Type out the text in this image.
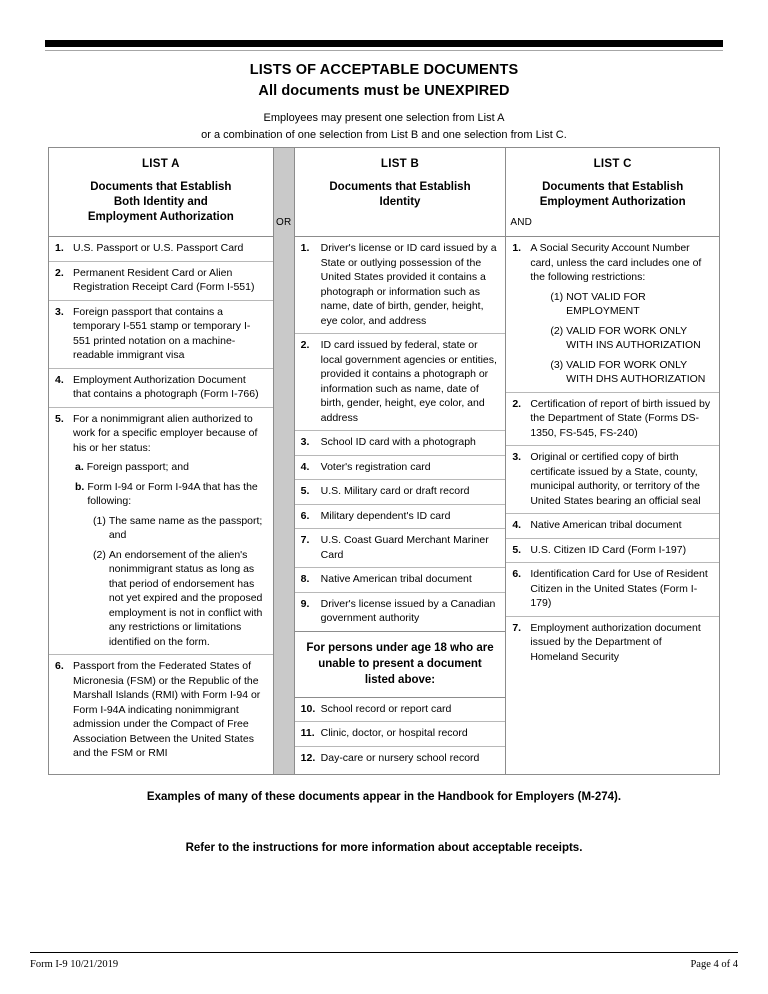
LISTS OF ACCEPTABLE DOCUMENTS
All documents must be UNEXPIRED
Employees may present one selection from List A
or a combination of one selection from List B and one selection from List C.
LIST A
Documents that Establish
Both Identity and
Employment Authorization
1. U.S. Passport or U.S. Passport Card
2. Permanent Resident Card or Alien Registration Receipt Card (Form I-551)
3. Foreign passport that contains a temporary I-551 stamp or temporary I-551 printed notation on a machine-readable immigrant visa
4. Employment Authorization Document that contains a photograph (Form I-766)
5. For a nonimmigrant alien authorized to work for a specific employer because of his or her status:
a. Foreign passport; and
b. Form I-94 or Form I-94A that has the following:
(1) The same name as the passport; and
(2) An endorsement of the alien's nonimmigrant status as long as that period of endorsement has not yet expired and the proposed employment is not in conflict with any restrictions or limitations identified on the form.
6. Passport from the Federated States of Micronesia (FSM) or the Republic of the Marshall Islands (RMI) with Form I-94 or Form I-94A indicating nonimmigrant admission under the Compact of Free Association Between the United States and the FSM or RMI
OR
LIST B
Documents that Establish
Identity
1.	Driver's license or ID card issued by a State or outlying possession of the United States provided it contains a photograph or information such as name, date of birth, gender, height, eye color, and address
2.	ID card issued by federal, state or local government agencies or entities, provided it contains a photograph or information such as name, date of birth, gender, height, eye color, and address
3.	School ID card with a photograph
4.	Voter's registration card
5.	U.S. Military card or draft record
6.	Military dependent's ID card
7.	U.S. Coast Guard Merchant Mariner Card
8.	Native American tribal document
9.	Driver's license issued by a Canadian government authority
For persons under age 18 who are unable to present a document listed above:
10. School record or report card
11. Clinic, doctor, or hospital record
12. Day-care or nursery school record
AND
LIST C
Documents that Establish
Employment Authorization
1. A Social Security Account Number card, unless the card includes one of the following restrictions:
(1) NOT VALID FOR EMPLOYMENT
(2) VALID FOR WORK ONLY WITH INS AUTHORIZATION
(3) VALID FOR WORK ONLY WITH DHS AUTHORIZATION
2. Certification of report of birth issued by the Department of State (Forms DS-1350, FS-545, FS-240)
3. Original or certified copy of birth certificate issued by a State, county, municipal authority, or territory of the United States bearing an official seal
4. Native American tribal document
5. U.S. Citizen ID Card (Form I-197)
6. Identification Card for Use of Resident Citizen in the United States (Form I-179)
7. Employment authorization document issued by the Department of Homeland Security
Examples of many of these documents appear in the Handbook for Employers (M-274).
Refer to the instructions for more information about acceptable receipts.
Form I-9 10/21/2019	Page 4 of 4
